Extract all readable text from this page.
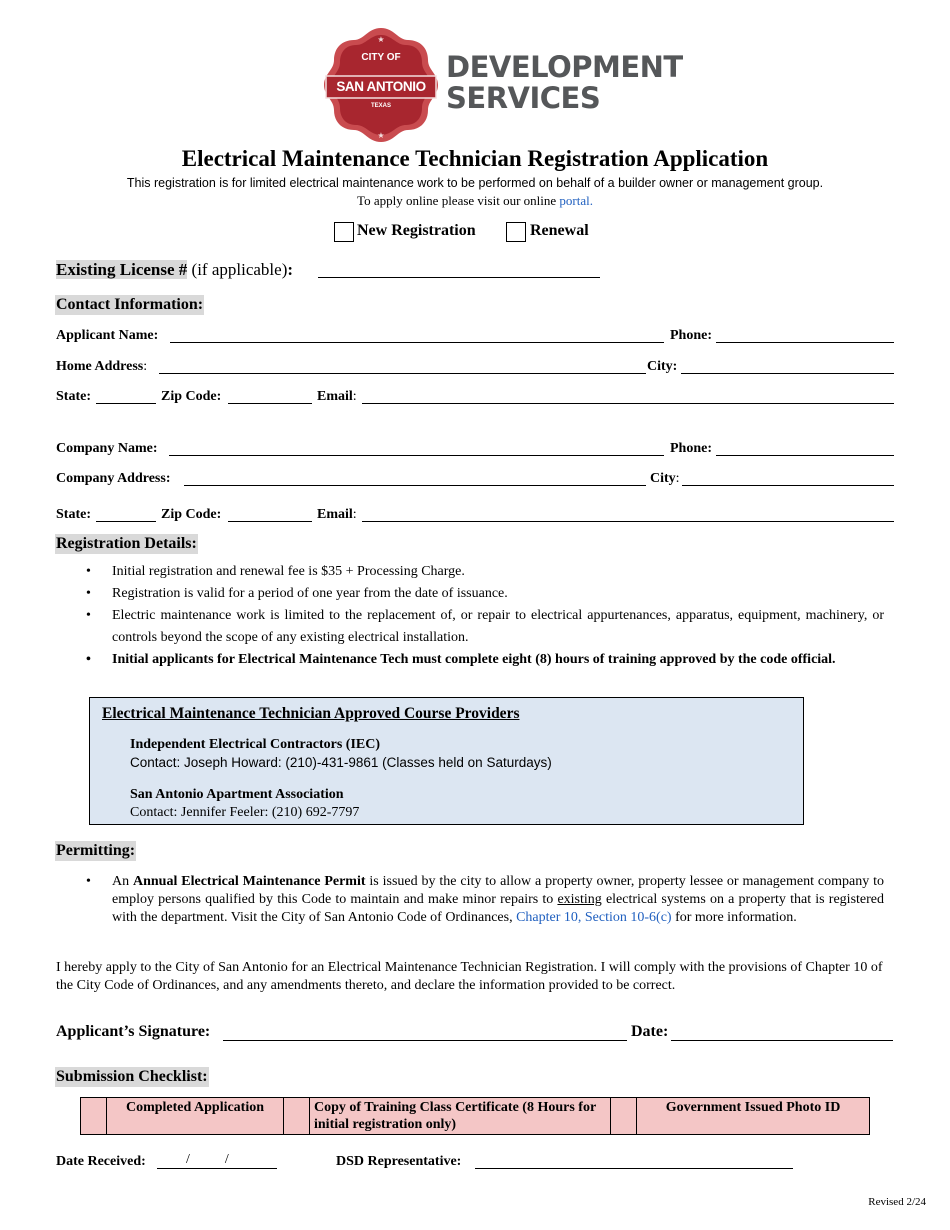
★
★
CITY OF
SAN ANTONIO
TEXAS
DEVELOPMENT
SERVICES
Electrical Maintenance Technician Registration Application
This registration is for limited electrical maintenance work to be performed on behalf of a builder owner or management group.
To apply online please visit our online portal.
New Registration	Renewal
Existing License # (if applicable):
Contact Information:
Applicant Name:	Phone:
Home Address:	City:
State:	Zip Code:	Email:
Company Name:	Phone:
Company Address:	City:
State:	Zip Code:	Email:
Registration Details:
• Initial registration and renewal fee is $35 + Processing Charge.
• Registration is valid for a period of one year from the date of issuance.
• Electric maintenance work is limited to the replacement of, or repair to electrical appurtenances, apparatus, equipment, machinery, or controls beyond the scope of any existing electrical installation.
• Initial applicants for Electrical Maintenance Tech must complete eight (8) hours of training approved by the code official.
Electrical Maintenance Technician Approved Course Providers
Independent Electrical Contractors (IEC)
Contact: Joseph Howard: (210)-431-9861 (Classes held on Saturdays)
San Antonio Apartment Association
Contact: Jennifer Feeler: (210) 692-7797
Permitting:
• An Annual Electrical Maintenance Permit is issued by the city to allow a property owner, property lessee or management company to employ persons qualified by this Code to maintain and make minor repairs to existing electrical systems on a property that is registered with the department. Visit the City of San Antonio Code of Ordinances, Chapter 10, Section 10-6(c) for more information.
I hereby apply to the City of San Antonio for an Electrical Maintenance Technician Registration. I will comply with the provisions of Chapter 10 of the City Code of Ordinances, and any amendments thereto, and declare the information provided to be correct.
Applicant’s Signature:	Date:
Submission Checklist:
	Completed Application		Copy of Training Class Certificate (8 Hours for initial registration only)		Government Issued Photo ID
Date Received:	/          /	DSD Representative:
Revised 2/24
